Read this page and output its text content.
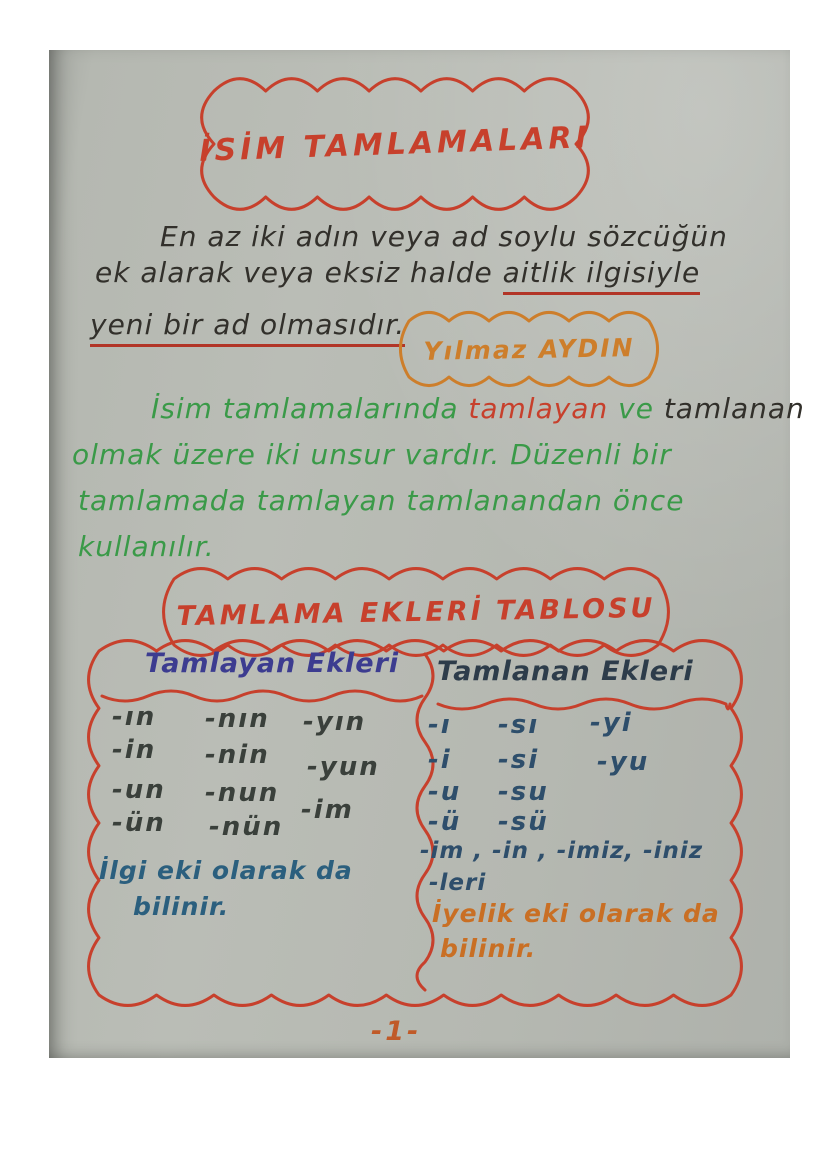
İSİM TAMLAMALARI
En az iki adın veya ad soylu sözcüğün
ek alarak veya eksiz halde aitlik ilgisiyle
yeni bir ad olmasıdır.
Yılmaz AYDIN
İsim tamlamalarında tamlayan ve tamlanan
olmak üzere iki unsur vardır. Düzenli bir
tamlamada tamlayan tamlanandan önce
kullanılır.
TAMLAMA EKLERİ TABLOSU
Tamlayan Ekleri
-ın
-in
-un
-ün
-nın
-nin
-nun
-nün
-yın
-yun
-im
İlgi eki olarak da
bilinir.
Tamlanan Ekleri
-ı
-i
-u
-ü
-sı
-si
-su
-sü
-yi
-yu
-im , -in , -imiz, -iniz
-leri
İyelik eki olarak da
bilinir.
-1-
